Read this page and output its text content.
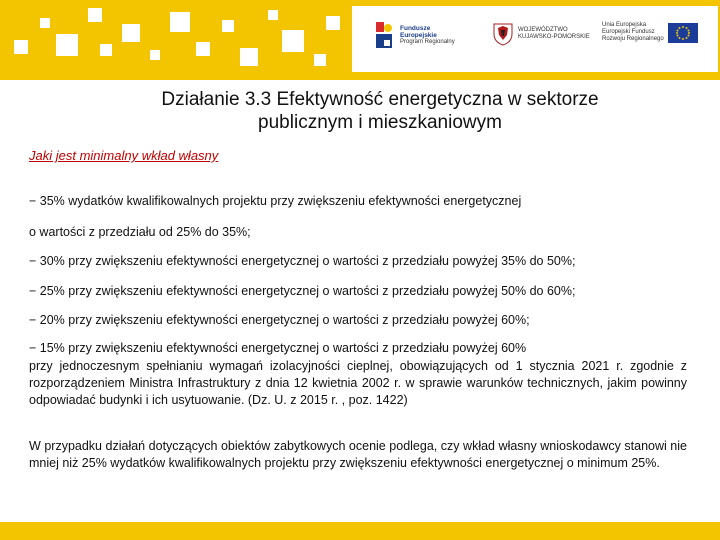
Fundusze
Europejskie
Program Regionalny
WOJEWÓDZTWO
KUJAWSKO-POMORSKIE
Unia Europejska
Europejski Fundusz
Rozwoju Regionalnego
Działanie 3.3 Efektywność energetyczna w sektorze
publicznym i mieszkaniowym
Jaki jest minimalny wkład własny
− 35% wydatków kwalifikowalnych projektu przy zwiększeniu efektywności energetycznej
o wartości z przedziału od 25% do 35%;
− 30% przy zwiększeniu efektywności energetycznej o wartości z przedziału powyżej 35% do 50%;
− 25% przy zwiększeniu efektywności energetycznej o wartości z przedziału powyżej 50% do 60%;
− 20% przy zwiększeniu efektywności energetycznej o wartości z przedziału powyżej 60%;
− 15% przy zwiększeniu efektywności energetycznej o wartości z przedziału powyżej 60%
przy jednoczesnym spełnianiu wymagań izolacyjności cieplnej, obowiązujących od 1 stycznia 2021 r. zgodnie z rozporządzeniem Ministra Infrastruktury z dnia 12 kwietnia 2002 r. w sprawie warunków technicznych, jakim powinny odpowiadać budynki i ich usytuowanie. (Dz. U. z 2015 r. , poz. 1422)
W przypadku działań dotyczących obiektów zabytkowych ocenie podlega, czy wkład własny wnioskodawcy stanowi nie mniej niż 25% wydatków kwalifikowalnych projektu przy zwiększeniu efektywności energetycznej o minimum 25%.
